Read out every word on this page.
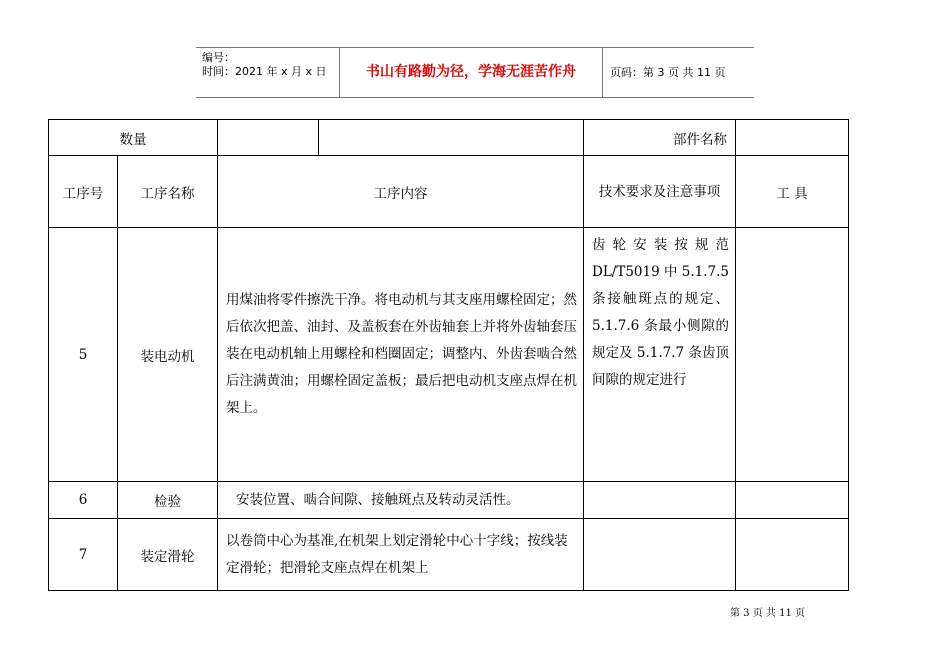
编号：
时间：2021 年 x 月 x 日	书山有路勤为径，学海无涯苦作舟	页码：第 3 页 共 11 页
数量				部件名称	
工序号	工序名称	工序内容		技术要求及注意事项	工 具
5	装电动机	用煤油将零件擦洗干净。将电动机与其支座用螺栓固定；然后依次把盖、油封、及盖板套在外齿轴套上并将外齿轴套压装在电动机轴上用螺栓和档圈固定；调整内、外齿套啮合然后注满黄油；用螺栓固定盖板；最后把电动机支座点焊在机架上。		齿轮安装按规范 DL/T5019 中 5.1.7.5 条接触斑点的规定、5.1.7.6 条最小侧隙的规定及 5.1.7.7 条齿顶间隙的规定进行	
6	检验	安装位置、啮合间隙、接触斑点及转动灵活性。			
7	装定滑轮	以卷筒中心为基准,在机架上划定滑轮中心十字线；按线装定滑轮；把滑轮支座点焊在机架上			
第 3 页 共 11 页
